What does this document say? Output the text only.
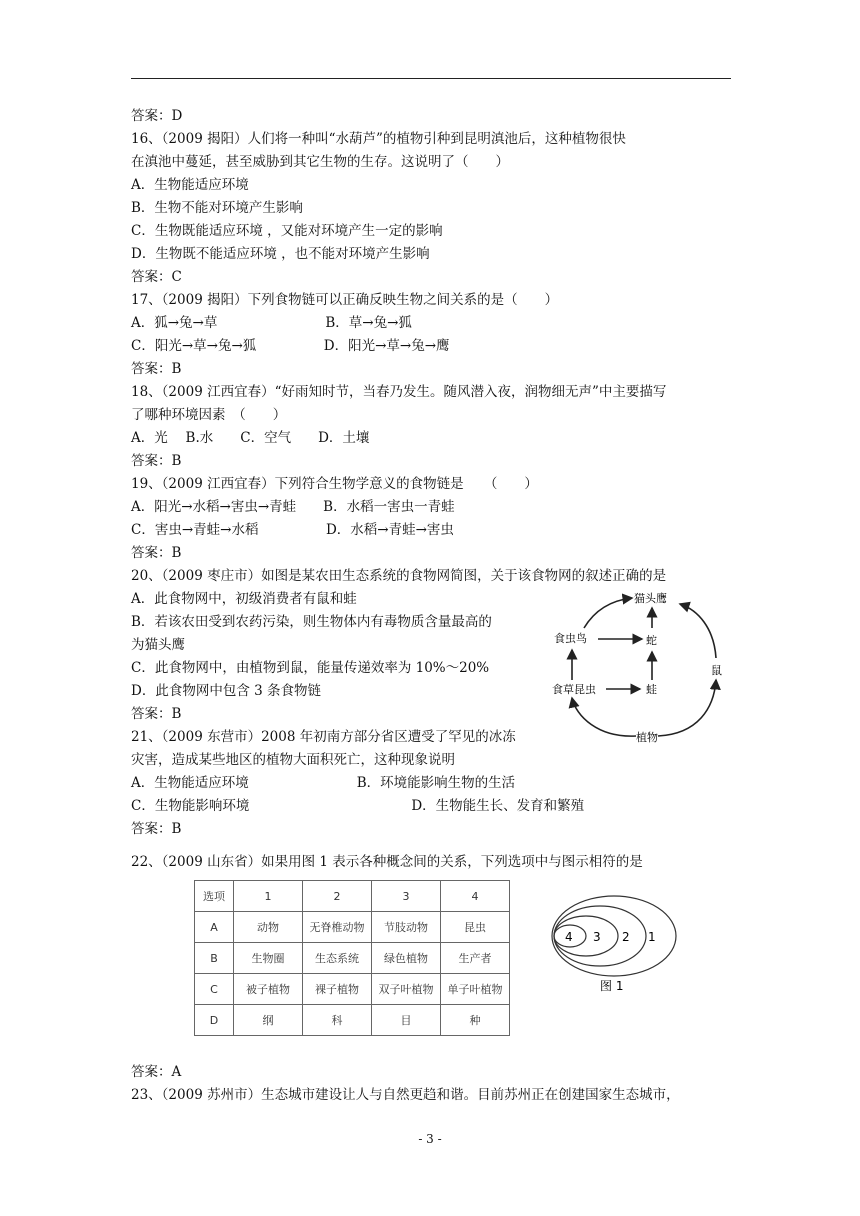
答案：D
16、（2009 揭阳）人们将一种叫“水葫芦”的植物引种到昆明滇池后，这种植物很快
在滇池中蔓延，甚至威胁到其它生物的生存。这说明了（　　）
A．生物能适应环境
B．生物不能对环境产生影响
C．生物既能适应环境 ，又能对环境产生一定的影响
D．生物既不能适应环境 ，也不能对环境产生影响
答案：C
17、（2009 揭阳）下列食物链可以正确反映生物之间关系的是（　　）
A．狐→兔→草　　　　　　　　B．草→兔→狐
C．阳光→草→兔→狐　　　　　D．阳光→草→兔→鹰
答案：B
18、（2009 江西宜春）“好雨知时节，当春乃发生。随风潜入夜，润物细无声”中主要描写
了哪种环境因素　（　　）
A．光　 B.水　　C．空气　　D．土壤
答案：B
19、（2009 江西宜春）下列符合生物学意义的食物链是　　（　　）
A．阳光→水稻→害虫→青蛙　　B．水稻一害虫一青蛙
C．害虫→青蛙→水稻　　　　　D．水稻→青蛙→害虫
答案：B
20、（2009 枣庄市）如图是某农田生态系统的食物网简图，关于该食物网的叙述正确的是
A．此食物网中，初级消费者有鼠和蛙
B．若该农田受到农药污染，则生物体内有毒物质含量最高的
为猫头鹰
C．此食物网中，由植物到鼠，能量传递效率为 10%～20%
D．此食物网中包含 3 条食物链
答案：B
21、（2009 东营市）2008 年初南方部分省区遭受了罕见的冰冻
灾害，造成某些地区的植物大面积死亡，这种现象说明
A．生物能适应环境　　　　　　　　B．环境能影响生物的生活
C．生物能影响环境　　　　　　　　　　　　D．生物能生长、发育和繁殖
答案：B
22、（2009 山东省）如果用图 1 表示各种概念间的关系，下列选项中与图示相符的是
答案：A
23、（2009 苏州市）生态城市建设让人与自然更趋和谐。目前苏州正在创建国家生态城市，
猫头鹰
食虫鸟	蛇
食草昆虫	蛙
植物
鼠
选项	1	2	3	4
A	动物	无脊椎动物	节肢动物	昆虫
B	生物圈	生态系统	绿色植物	生产者
C	被子植物	裸子植物	双子叶植物	单子叶植物
D	纲	科	目	种
4 3 2 1
图 1
- 3 -
